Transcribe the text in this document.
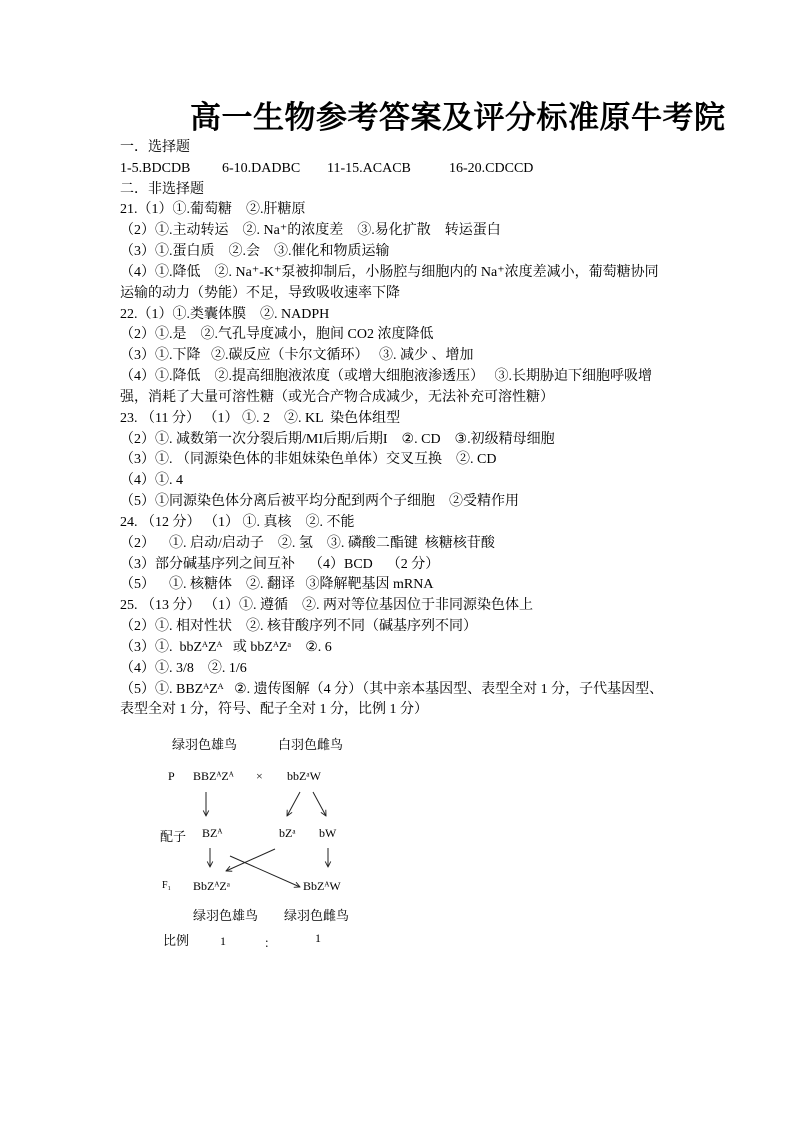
高一生物参考答案及评分标准原牛考院
一．选择题
1-5.BDCDB 6-10.DADBC 11-15.ACACB	16-20.CDCCD
二．非选择题
21.（1）①.葡萄糖    ②.肝糖原
（2）①.主动转运    ②. Na⁺的浓度差    ③.易化扩散    转运蛋白
（3）①.蛋白质    ②.会    ③.催化和物质运输
（4）①.降低    ②. Na⁺-K⁺泵被抑制后，小肠腔与细胞内的 Na⁺浓度差减小，葡萄糖协同
运输的动力（势能）不足，导致吸收速率下降
22.（1）①.类囊体膜    ②. NADPH
（2）①.是    ②.气孔导度减小，胞间 CO2 浓度降低
（3）①.下降   ②.碳反应（卡尔文循环）   ③. 减少 、增加
（4）①.降低    ②.提高细胞液浓度（或增大细胞液渗透压）   ③.长期胁迫下细胞呼吸增
强，消耗了大量可溶性糖（或光合产物合成减少，无法补充可溶性糖）
23. （11 分） （1） ①. 2    ②. KL  染色体组型
（2）①. 减数第一次分裂后期/MI后期/后期I    ②. CD    ③.初级精母细胞
（3）①. （同源染色体的非姐妹染色单体）交叉互换    ②. CD
（4）①. 4
（5）①同源染色体分离后被平均分配到两个子细胞    ②受精作用
24. （12 分） （1） ①. 真核    ②. 不能
（2）    ①. 启动/启动子    ②. 氢    ③. 磷酸二酯键  核糖核苷酸
（3）部分碱基序列之间互补    （4）BCD    （2 分）
（5）    ①. 核糖体    ②. 翻译   ③降解靶基因 mRNA
25. （13 分） （1）①. 遵循    ②. 两对等位基因位于非同源染色体上
（2）①. 相对性状    ②. 核苷酸序列不同（碱基序列不同）
（3）①.  bbZᴬZᴬ   或 bbZᴬZᵃ    ②. 6
（4）①. 3/8    ②. 1/6
（5）①. BBZᴬZᴬ   ②. 遗传图解（4 分）（其中亲本基因型、表型全对 1 分，子代基因型、
表型全对 1 分，符号、配子全对 1 分，比例 1 分）
绿羽色雄鸟	白羽色雌鸟
P BBZᴬZᴬ × bbZᵃW
配子 BZᴬ	bZᵃ bW
F₁ BbZᴬZᵃ	BbZᴬW
绿羽色雄鸟 绿羽色雌鸟
比例	1	：	1
